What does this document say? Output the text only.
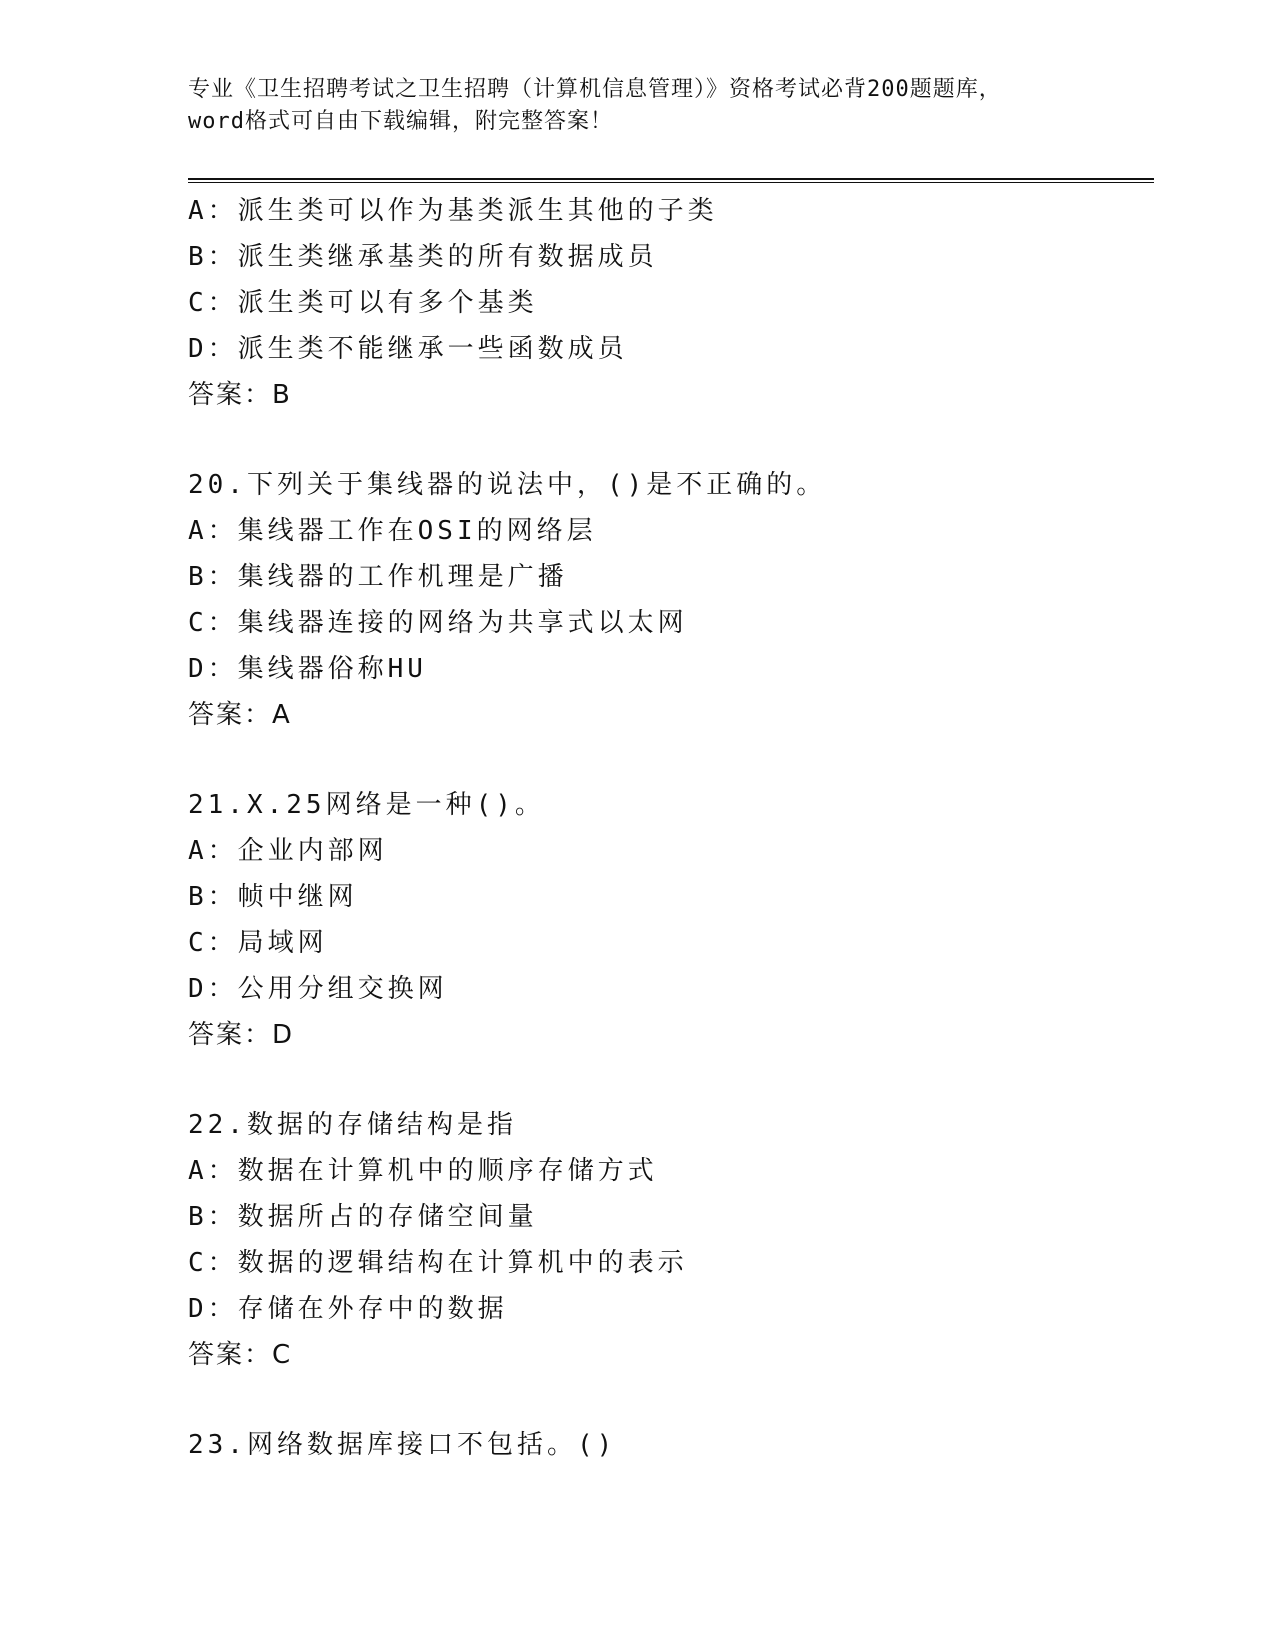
专业《卫生招聘考试之卫生招聘（计算机信息管理）》资格考试必背200题题库，
word格式可自由下载编辑，附完整答案！
A：派生类可以作为基类派生其他的子类
B：派生类继承基类的所有数据成员
C：派生类可以有多个基类
D：派生类不能继承一些函数成员
答案：B
20.下列关于集线器的说法中，()是不正确的。
A：集线器工作在OSI的网络层
B：集线器的工作机理是广播
C：集线器连接的网络为共享式以太网
D：集线器俗称HU
答案：A
21.X.25网络是一种()。
A：企业内部网
B：帧中继网
C：局域网
D：公用分组交换网
答案：D
22.数据的存储结构是指
A：数据在计算机中的顺序存储方式
B：数据所占的存储空间量
C：数据的逻辑结构在计算机中的表示
D：存储在外存中的数据
答案：C
23.网络数据库接口不包括。()
